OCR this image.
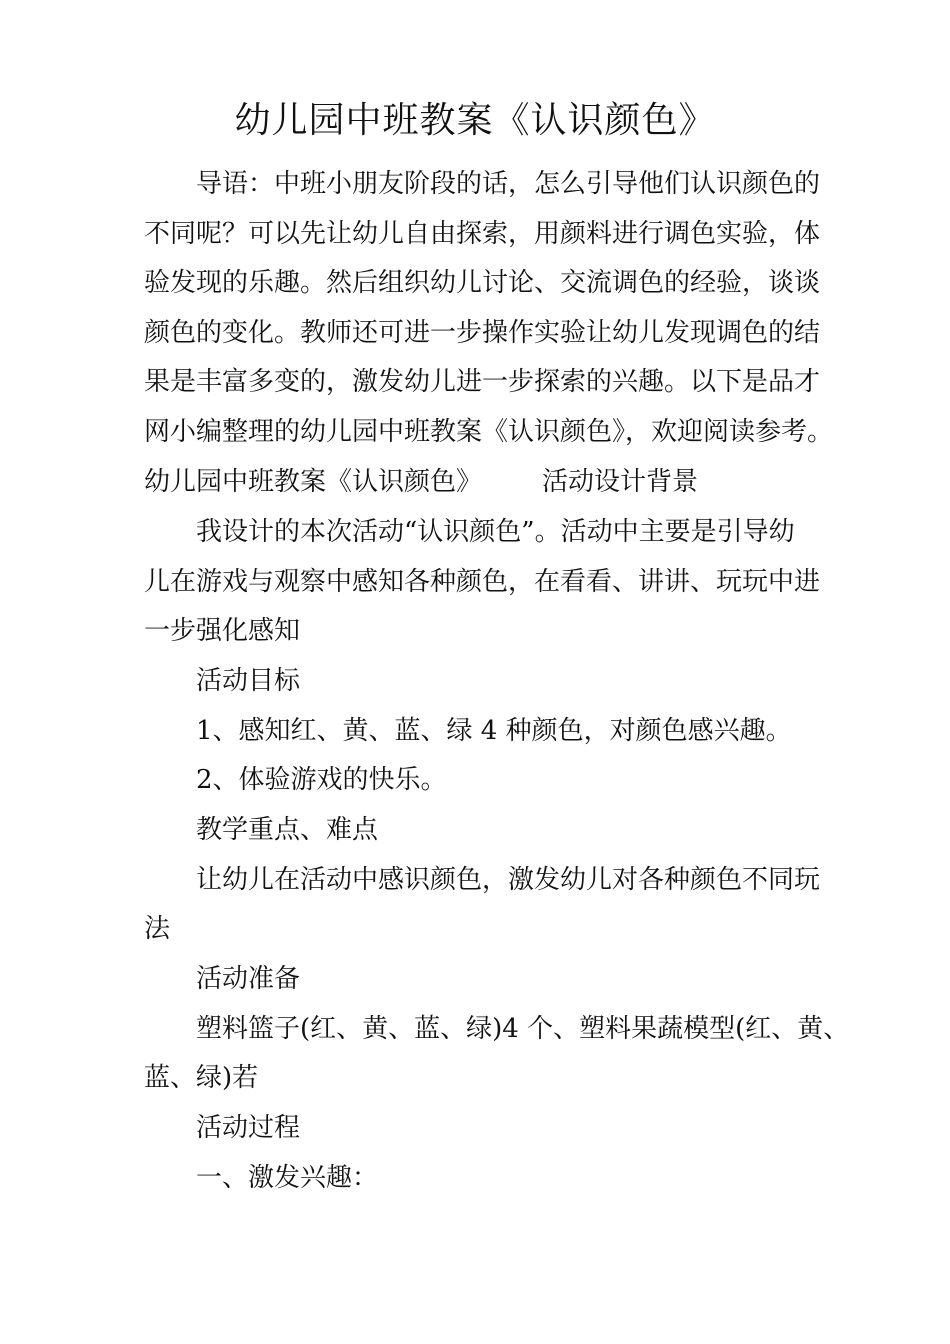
幼儿园中班教案《认识颜色》
导语：中班小朋友阶段的话，怎么引导他们认识颜色的
不同呢？可以先让幼儿自由探索，用颜料进行调色实验，体
验发现的乐趣。然后组织幼儿讨论、交流调色的经验，谈谈
颜色的变化。教师还可进一步操作实验让幼儿发现调色的结
果是丰富多变的，激发幼儿进一步探索的兴趣。以下是品才
网小编整理的幼儿园中班教案《认识颜色》，欢迎阅读参考。
幼儿园中班教案《认识颜色》 活动设计背景
我设计的本次活动“认识颜色”。活动中主要是引导幼
儿在游戏与观察中感知各种颜色，在看看、讲讲、玩玩中进
一步强化感知
活动目标
1、感知红、黄、蓝、绿 4 种颜色，对颜色感兴趣。
2、体验游戏的快乐。
教学重点、难点
让幼儿在活动中感识颜色，激发幼儿对各种颜色不同玩
法
活动准备
塑料篮子(红、黄、蓝、绿)4 个、塑料果蔬模型(红、黄、
蓝、绿)若
活动过程
一、激发兴趣：
